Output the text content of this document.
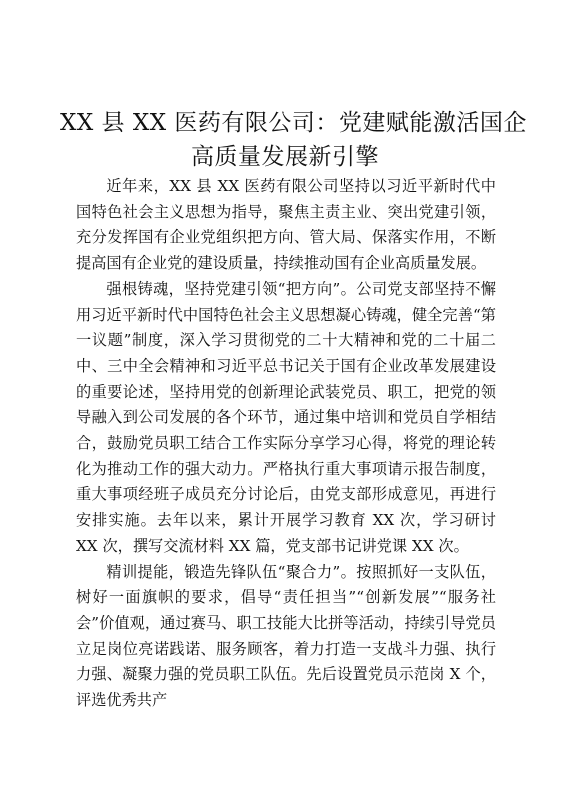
XX 县 XX 医药有限公司：党建赋能激活国企
高质量发展新引擎

近年来，XX 县 XX 医药有限公司坚持以习近平新时代中国特色社会主义思想为指导，聚焦主责主业、突出党建引领，充分发挥国有企业党组织把方向、管大局、保落实作用，不断提高国有企业党的建设质量，持续推动国有企业高质量发展。

强根铸魂，坚持党建引领“把方向”。公司党支部坚持不懈用习近平新时代中国特色社会主义思想凝心铸魂，健全完善“第一议题”制度，深入学习贯彻党的二十大精神和党的二十届二中、三中全会精神和习近平总书记关于国有企业改革发展建设的重要论述，坚持用党的创新理论武装党员、职工，把党的领导融入到公司发展的各个环节，通过集中培训和党员自学相结合，鼓励党员职工结合工作实际分享学习心得，将党的理论转化为推动工作的强大动力。严格执行重大事项请示报告制度，重大事项经班子成员充分讨论后，由党支部形成意见，再进行安排实施。去年以来，累计开展学习教育 XX 次，学习研讨 XX 次，撰写交流材料 XX 篇，党支部书记讲党课 XX 次。

精训提能，锻造先锋队伍“聚合力”。按照抓好一支队伍，树好一面旗帜的要求，倡导“责任担当”“创新发展”“服务社会”价值观，通过赛马、职工技能大比拼等活动，持续引导党员立足岗位亮诺践诺、服务顾客，着力打造一支战斗力强、执行力强、凝聚力强的党员职工队伍。先后设置党员示范岗 X 个，评选优秀共产
